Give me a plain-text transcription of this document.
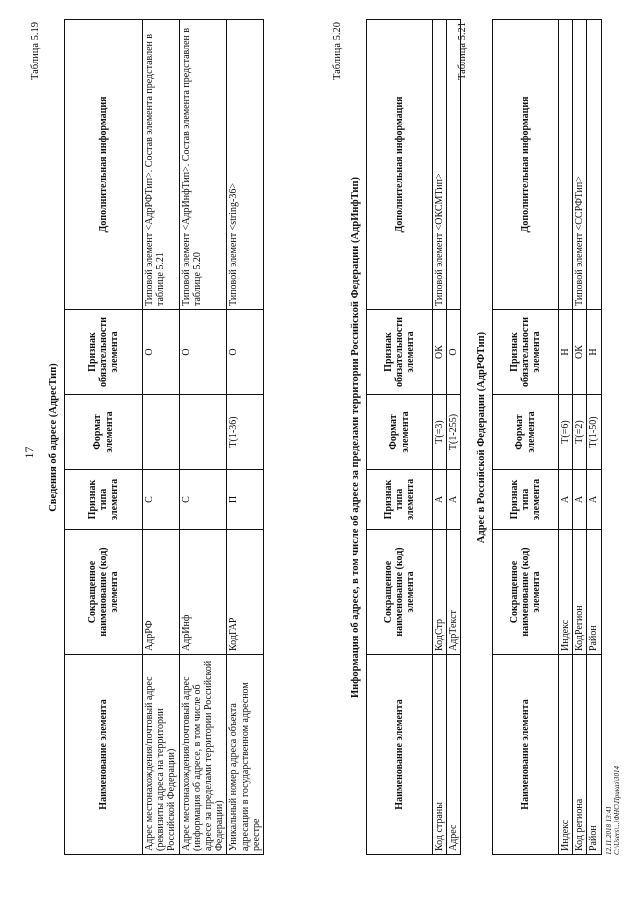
17
Таблица 5.19
Сведения об адресе (АдресТип)
Наименование элемента	Сокращенное наименование (код) элемента	Признак типа элемента	Формат элемента	Признак обязательности элемента	Дополнительная информация
Адрес местонахождения/почтовый адрес (реквизиты адреса на территории Российской Федерации)	АдрРФ	С		О	Типовой элемент <АдрРФТип>. Состав элемента представлен в таблице 5.21
Адрес местонахождения/почтовый адрес (информация об адресе, в том числе об адресе за пределами территории Российской Федерации)	АдрИнф	С		О	Типовой элемент <АдрИнфТип>. Состав элемента представлен в таблице 5.20
Уникальный номер адреса объекта адресации в государственном адресном реестре	КодГАР	П	T(1-36)	О	Типовой элемент <string-36>
Таблица 5.20
Информация об адресе, в том числе об адресе за пределами территории Российской Федерации (АдрИнфТип)
Наименование элемента	Сокращенное наименование (код) элемента	Признак типа элемента	Формат элемента	Признак обязательности элемента	Дополнительная информация
Код страны	КодСтр	А	T(=3)	ОК	Типовой элемент <ОКСМТип>
Адрес	АдрТекст	А	T(1-255)	О	
Таблица 5.21
Адрес в Российской Федерации (АдрРФТип)
Наименование элемента	Сокращенное наименование (код) элемента	Признак типа элемента	Формат элемента	Признак обязательности элемента	Дополнительная информация
Индекс	Индекс	А	T(=6)	Н	
Код региона	КодРегион	А	T(=2)	ОК	Типовой элемент <ССРФТип>
Район	Район	А	T(1-50)	Н	
12.11.2018 13:41 С:\Users\...\ФНС\Приказ\3014
